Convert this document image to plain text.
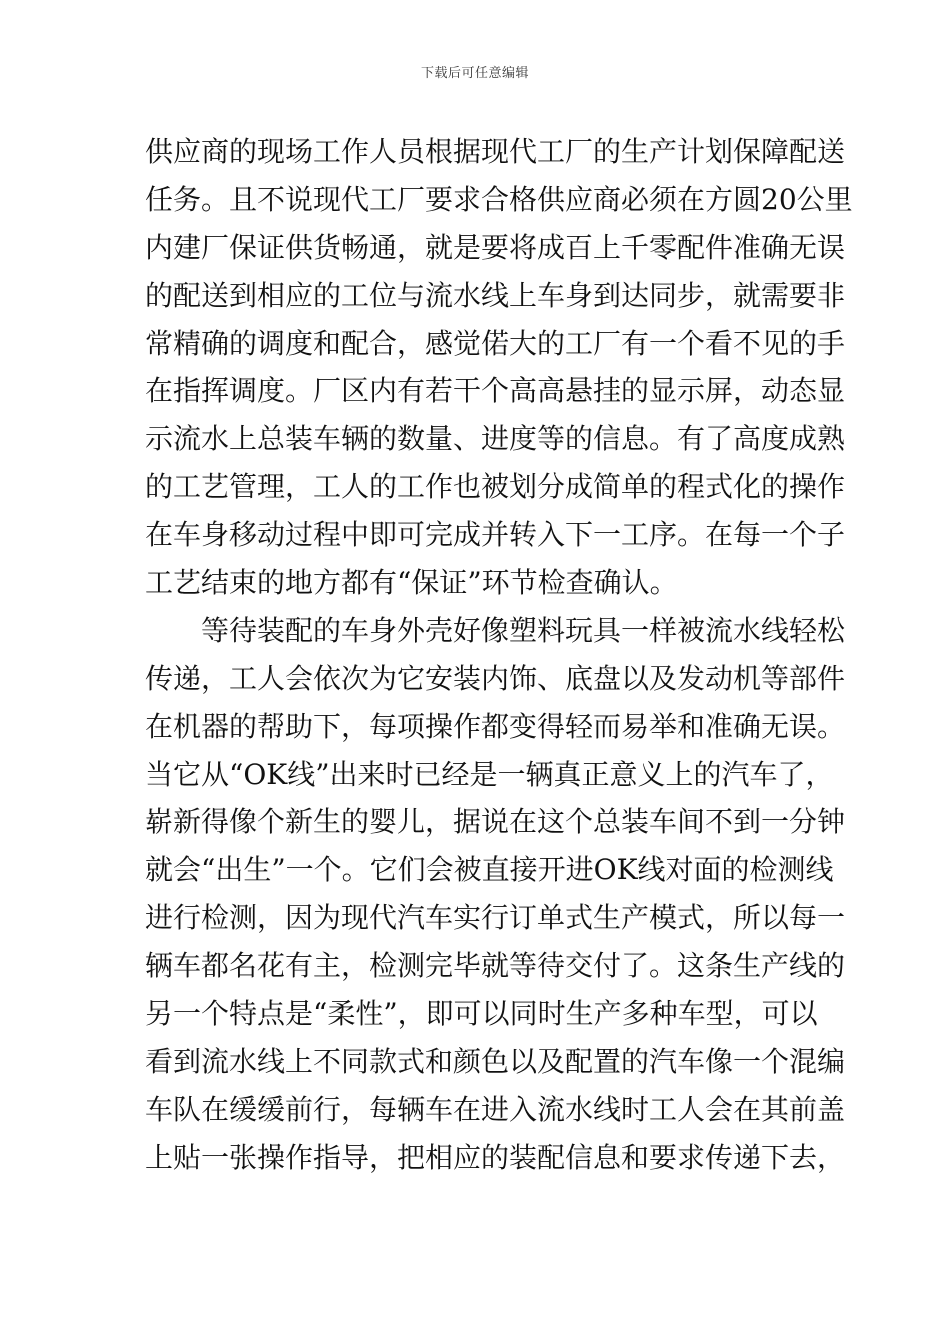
下载后可任意编辑
供应商的现场工作人员根据现代工厂的生产计划保障配送
任务。且不说现代工厂要求合格供应商必须在方圆20公里
内建厂保证供货畅通，就是要将成百上千零配件准确无误
的配送到相应的工位与流水线上车身到达同步，就需要非
常精确的调度和配合，感觉偌大的工厂有一个看不见的手
在指挥调度。厂区内有若干个高高悬挂的显示屏，动态显
示流水上总装车辆的数量、进度等的信息。有了高度成熟
的工艺管理，工人的工作也被划分成简单的程式化的操作
在车身移动过程中即可完成并转入下一工序。在每一个子
工艺结束的地方都有“保证”环节检查确认。
等待装配的车身外壳好像塑料玩具一样被流水线轻松
传递，工人会依次为它安装内饰、底盘以及发动机等部件
在机器的帮助下，每项操作都变得轻而易举和准确无误。
当它从“OK线”出来时已经是一辆真正意义上的汽车了，
崭新得像个新生的婴儿，据说在这个总装车间不到一分钟
就会“出生”一个。它们会被直接开进OK线对面的检测线
进行检测，因为现代汽车实行订单式生产模式，所以每一
辆车都名花有主，检测完毕就等待交付了。这条生产线的
另一个特点是“柔性”，即可以同时生产多种车型，可以
看到流水线上不同款式和颜色以及配置的汽车像一个混编
车队在缓缓前行，每辆车在进入流水线时工人会在其前盖
上贴一张操作指导，把相应的装配信息和要求传递下去，
